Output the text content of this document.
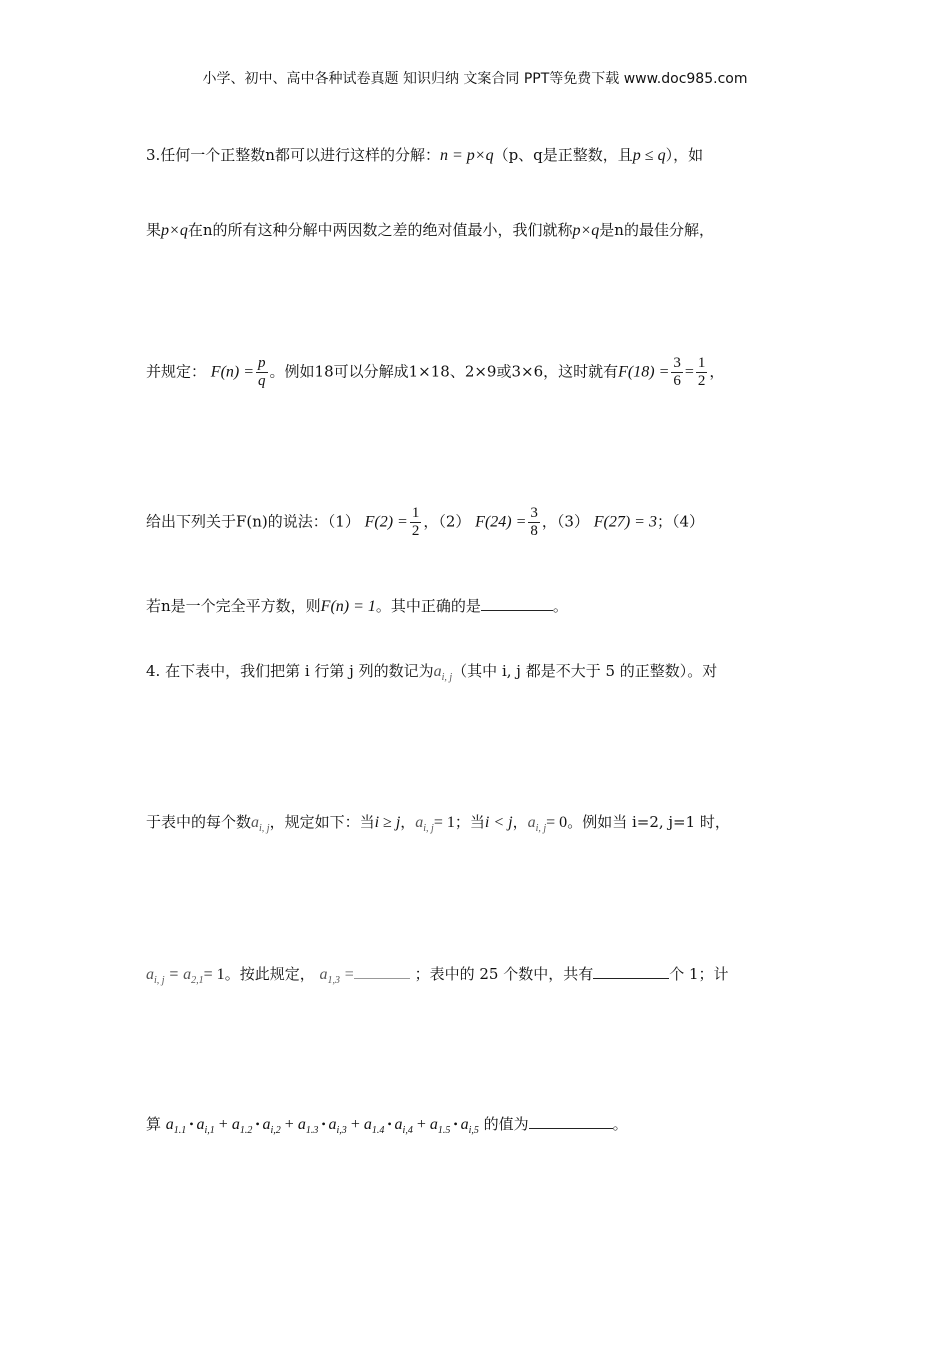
小学、初中、高中各种试卷真题 知识归纳 文案合同 PPT等免费下载 www.doc985.com
3.任何一个正整数n都可以进行这样的分解：n = p×q（p、q是正整数，且p ≤ q），如
果p×q在n的所有这种分解中两因数之差的绝对值最小，我们就称p×q是n的最佳分解，
并规定： $F(n) = \frac{p}{q}$ 。例如18可以分解成1×18、2×9或3×6，这时就有$F(18) = \frac{3}{6} = \frac{1}{2}$ ，
给出下列关于F(n)的说法：（1） $F(2) = \frac{1}{2}$ ，（2） $F(24) = \frac{3}{8}$ ，（3） F(27) = 3；（4）
若n是一个完全平方数，则F(n) = 1。其中正确的是	。
4. 在下表中，我们把第 i 行第 j 列的数记为$a_{i, j}$（其中 i, j 都是不大于 5 的正整数）。对
于表中的每个数$a_{i, j}$，规定如下：当i ≥ j，$a_{i, j}= 1$；当i < j，$a_{i, j}= 0$。例如当 i=2, j=1 时，
$a_{i, j} = a_{2,1}= 1$。按此规定， $a_{1,3}$ =	；表中的 25 个数中，共有	个 1；计
算 $a_{1.1}$ • $a_{i,1} + a_{1.2}$ • $a_{i,2} + a_{1.3}$ • $a_{i,3} + a_{1.4}$ • $a_{i,4} + a_{1.5}$ • $a_{i,5}$ 的值为	。
